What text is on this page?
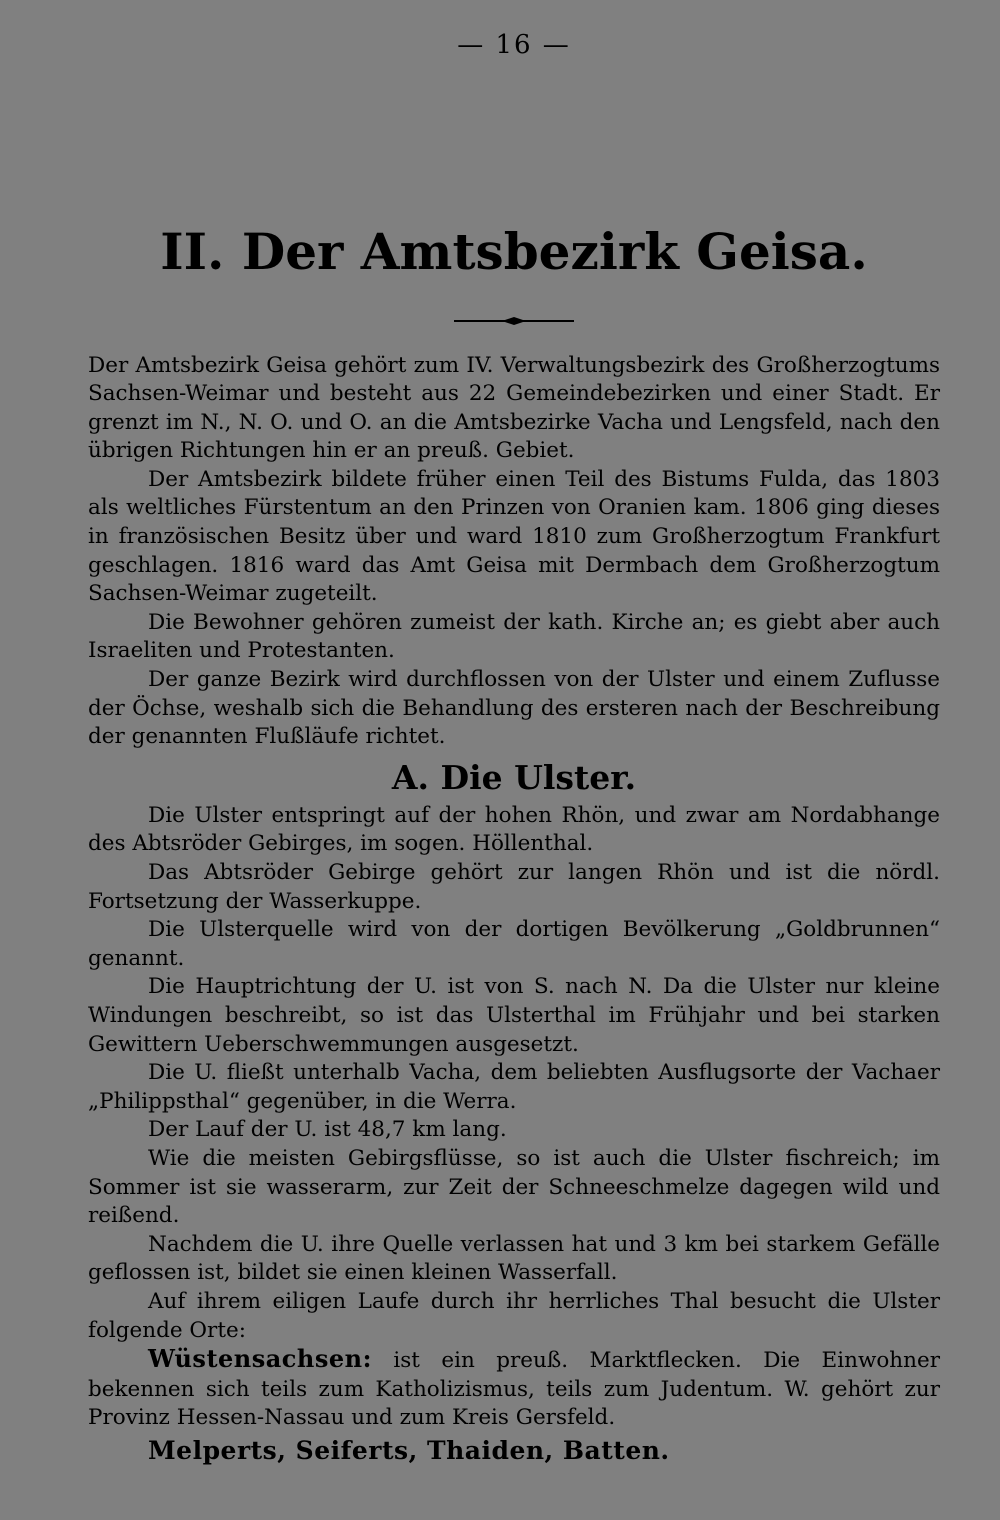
— 16 —
II. Der Amtsbezirk Geisa.

Der Amtsbezirk Geisa gehört zum IV. Verwaltungsbezirk des Großherzogtums Sachsen-Weimar und besteht aus 22 Gemeindebezirken und einer Stadt. Er grenzt im N., N. O. und O. an die Amtsbezirke Vacha und Lengsfeld, nach den übrigen Richtungen hin er an preuß. Gebiet.

Der Amtsbezirk bildete früher einen Teil des Bistums Fulda, das 1803 als weltliches Fürstentum an den Prinzen von Oranien kam. 1806 ging dieses in französischen Besitz über und ward 1810 zum Großherzogtum Frankfurt geschlagen. 1816 ward das Amt Geisa mit Dermbach dem Großherzogtum Sachsen-Weimar zugeteilt.

Die Bewohner gehören zumeist der kath. Kirche an; es giebt aber auch Israeliten und Protestanten.

Der ganze Bezirk wird durchflossen von der Ulster und einem Zuflusse der Öchse, weshalb sich die Behandlung des ersteren nach der Beschreibung der genannten Flußläufe richtet.

A. Die Ulster.

Die Ulster entspringt auf der hohen Rhön, und zwar am Nordabhange des Abtsröder Gebirges, im sogen. Höllenthal.

Das Abtsröder Gebirge gehört zur langen Rhön und ist die nördl. Fortsetzung der Wasserkuppe.

Die Ulsterquelle wird von der dortigen Bevölkerung „Goldbrunnen“ genannt.

Die Hauptrichtung der U. ist von S. nach N. Da die Ulster nur kleine Windungen beschreibt, so ist das Ulsterthal im Frühjahr und bei starken Gewittern Ueberschwemmungen ausgesetzt.

Die U. fließt unterhalb Vacha, dem beliebten Ausflugsorte der Vachaer „Philippsthal“ gegenüber, in die Werra.

Der Lauf der U. ist 48,7 km lang.

Wie die meisten Gebirgsflüsse, so ist auch die Ulster fischreich; im Sommer ist sie wasserarm, zur Zeit der Schneeschmelze dagegen wild und reißend.

Nachdem die U. ihre Quelle verlassen hat und 3 km bei starkem Gefälle geflossen ist, bildet sie einen kleinen Wasserfall.

Auf ihrem eiligen Laufe durch ihr herrliches Thal besucht die Ulster folgende Orte:

Wüstensachsen: ist ein preuß. Marktflecken. Die Einwohner bekennen sich teils zum Katholizismus, teils zum Judentum. W. gehört zur Provinz Hessen-Nassau und zum Kreis Gersfeld.

Melperts, Seiferts, Thaiden, Batten.
